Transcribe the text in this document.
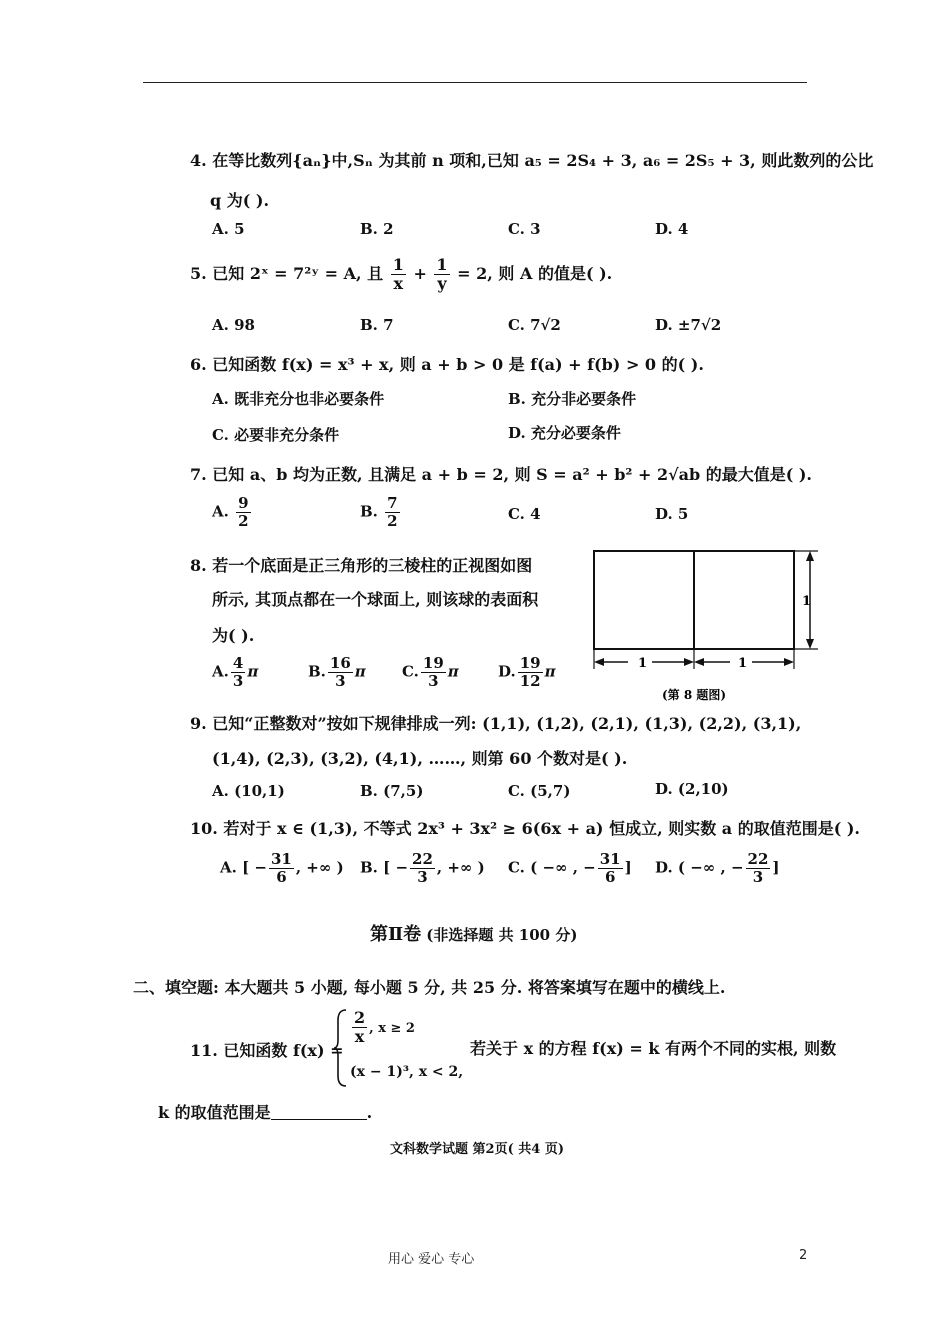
4. 在等比数列{aₙ}中,Sₙ 为其前 n 项和,已知 a₅ = 2S₄ + 3, a₆ = 2S₅ + 3, 则此数列的公比
q 为( ).
A. 5	B. 2	C. 3	D. 4
5. 已知 2ˣ = 7²ʸ = A, 且 $\frac{1}{x} + \frac{1}{y} = 2$, 则 A 的值是( ).
A. 98	B. 7	C. 7√2	D. ±7√2
6. 已知函数 f(x) = x³ + x, 则 a + b > 0 是 f(a) + f(b) > 0 的( ).
A. 既非充分也非必要条件	B. 充分非必要条件
C. 必要非充分条件	D. 充分必要条件
7. 已知 a、b 均为正数, 且满足 a + b = 2, 则 S = a² + b² + 2√ab 的最大值是( ).
A. $\frac{9}{2}$	B. $\frac{7}{2}$	C. 4	D. 5
8. 若一个底面是正三角形的三棱柱的正视图如图
所示, 其顶点都在一个球面上, 则该球的表面积
为( ).
A. $\frac{4}{3}$ π	B. $\frac{16}{3}$ π C. $\frac{19}{3}$ π	D. $\frac{19}{12}$ π
1
1	1
(第 8 题图)
9. 已知“正整数对”按如下规律排成一列: (1,1), (1,2), (2,1), (1,3), (2,2), (3,1),
(1,4), (2,3), (3,2), (4,1), ……, 则第 60 个数对是( ).
A. (10,1)	B. (7,5)	C. (5,7)	D. (2,10)
10. 若对于 x ∈ (1,3), 不等式 2x³ + 3x² ≥ 6(6x + a) 恒成立, 则实数 a 的取值范围是( ).
A. [ − $\frac{31}{6}$ , +∞ ) B. [ − $\frac{22}{3}$ , +∞ ) C. ( −∞ , − $\frac{31}{6}$ ] D. ( −∞ , − $\frac{22}{3}$ ]
第Ⅱ卷 (非选择题 共 100 分)
二、填空题: 本大题共 5 小题, 每小题 5 分, 共 25 分. 将答案填写在题中的横线上.
11. 已知函数 f(x) =
$\frac{2}{x}$ , x ≥ 2
(x − 1)³, x < 2,
若关于 x 的方程 f(x) = k 有两个不同的实根, 则数
k 的取值范围是	.
文科数学试题 第2页( 共4 页)
用心 爱心 专心	2
